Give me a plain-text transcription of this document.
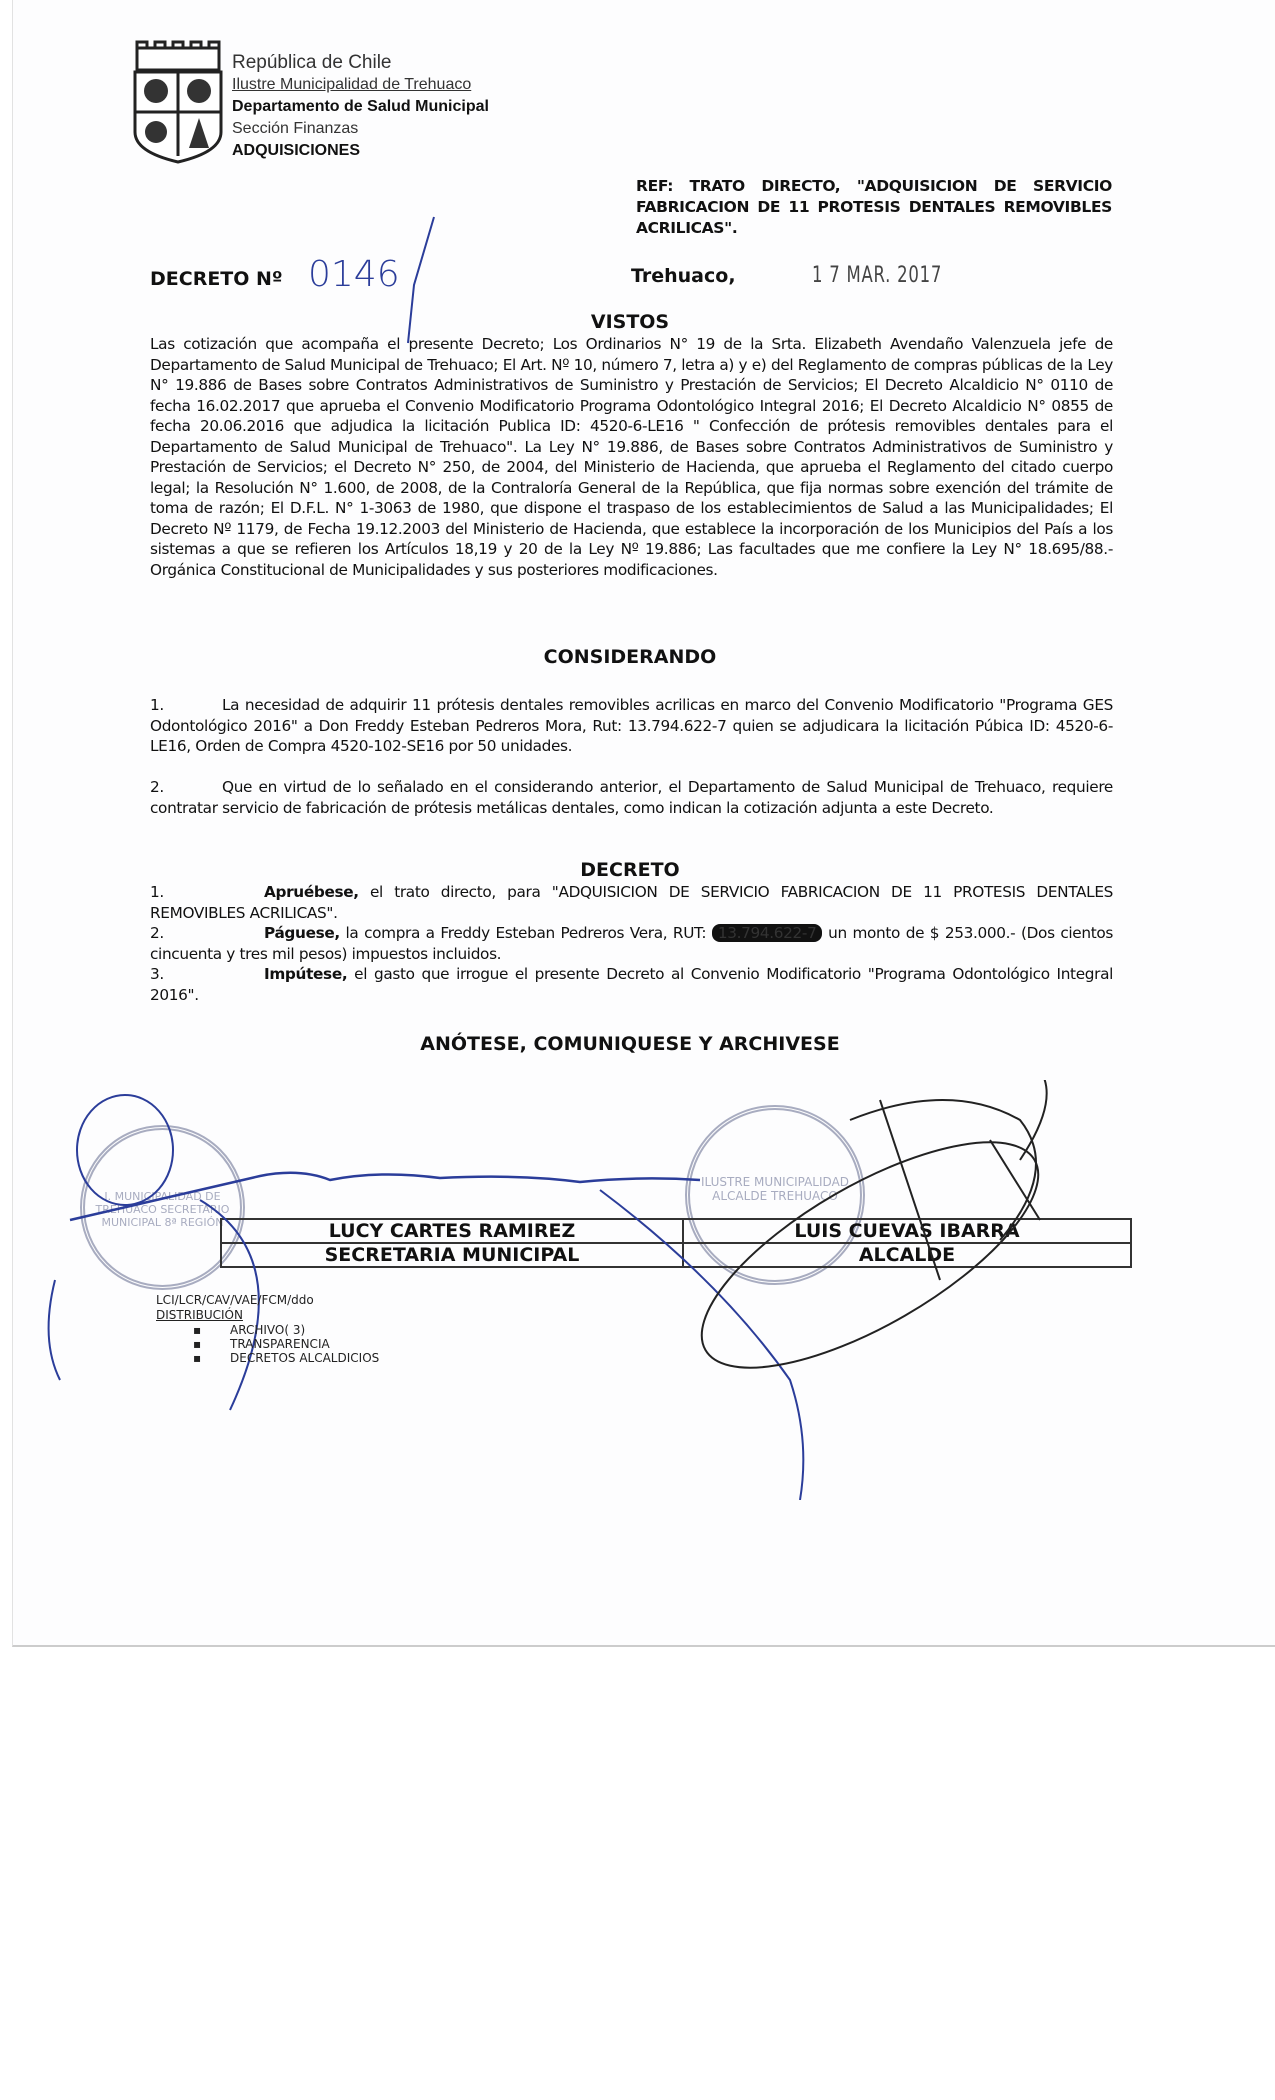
República de Chile
Ilustre Municipalidad de Trehuaco
Departamento de Salud Municipal
Sección Finanzas
ADQUISICIONES
REF: TRATO DIRECTO, "ADQUISICION DE SERVICIO FABRICACION DE 11 PROTESIS DENTALES REMOVIBLES ACRILICAS".
DECRETO Nº 0146	Trehuaco,	1 7 MAR. 2017
VISTOS
Las cotización que acompaña el presente Decreto; Los Ordinarios N° 19 de la Srta. Elizabeth Avendaño Valenzuela jefe de Departamento de Salud Municipal de Trehuaco; El Art. Nº 10, número 7, letra a) y e) del Reglamento de compras públicas de la Ley N° 19.886 de Bases sobre Contratos Administrativos de Suministro y Prestación de Servicios; El Decreto Alcaldicio N° 0110 de fecha 16.02.2017 que aprueba el Convenio Modificatorio Programa Odontológico Integral 2016; El Decreto Alcaldicio N° 0855 de fecha 20.06.2016 que adjudica la licitación Publica ID: 4520-6-LE16 " Confección de prótesis removibles dentales para el Departamento de Salud Municipal de Trehuaco". La Ley N° 19.886, de Bases sobre Contratos Administrativos de Suministro y Prestación de Servicios; el Decreto N° 250, de 2004, del Ministerio de Hacienda, que aprueba el Reglamento del citado cuerpo legal; la Resolución N° 1.600, de 2008, de la Contraloría General de la República, que fija normas sobre exención del trámite de toma de razón; El D.F.L. N° 1-3063 de 1980, que dispone el traspaso de los establecimientos de Salud a las Municipalidades; El Decreto Nº 1179, de Fecha 19.12.2003 del Ministerio de Hacienda, que establece la incorporación de los Municipios del País a los sistemas a que se refieren los Artículos 18,19 y 20 de la Ley Nº 19.886; Las facultades que me confiere la Ley N° 18.695/88.- Orgánica Constitucional de Municipalidades y sus posteriores modificaciones.
CONSIDERANDO
1.	La necesidad de adquirir 11 prótesis dentales removibles acrilicas en marco del Convenio Modificatorio "Programa GES Odontológico 2016" a Don Freddy Esteban Pedreros Mora, Rut: 13.794.622-7 quien se adjudicara la licitación Púbica ID: 4520-6-LE16, Orden de Compra 4520-102-SE16 por 50 unidades.
2.	Que en virtud de lo señalado en el considerando anterior, el Departamento de Salud Municipal de Trehuaco, requiere contratar servicio de fabricación de prótesis metálicas dentales, como indican la cotización adjunta a este Decreto.
DECRETO
1.	Apruébese, el trato directo, para "ADQUISICION DE SERVICIO FABRICACION DE 11 PROTESIS DENTALES REMOVIBLES ACRILICAS".
2.	Páguese, la compra a Freddy Esteban Pedreros Vera, RUT: 13.794.622-7 un monto de $ 253.000.- (Dos cientos cincuenta y tres mil pesos) impuestos incluidos.
3.	Impútese, el gasto que irrogue el presente Decreto al Convenio Modificatorio "Programa Odontológico Integral 2016".
ANÓTESE, COMUNIQUESE Y ARCHIVESE
I. MUNICIPALIDAD DE TREHUACO SECRETARIO MUNICIPAL 8ª REGIÓN
ILUSTRE MUNICIPALIDAD ALCALDE TREHUACO
LUCY CARTES RAMIREZ	LUIS CUEVAS IBARRA
SECRETARIA MUNICIPAL	ALCALDE
LCI/LCR/CAV/VAE/FCM/ddo
DISTRIBUCIÓN
▪ ARCHIVO( 3)
▪ TRANSPARENCIA
▪ DECRETOS ALCALDICIOS
